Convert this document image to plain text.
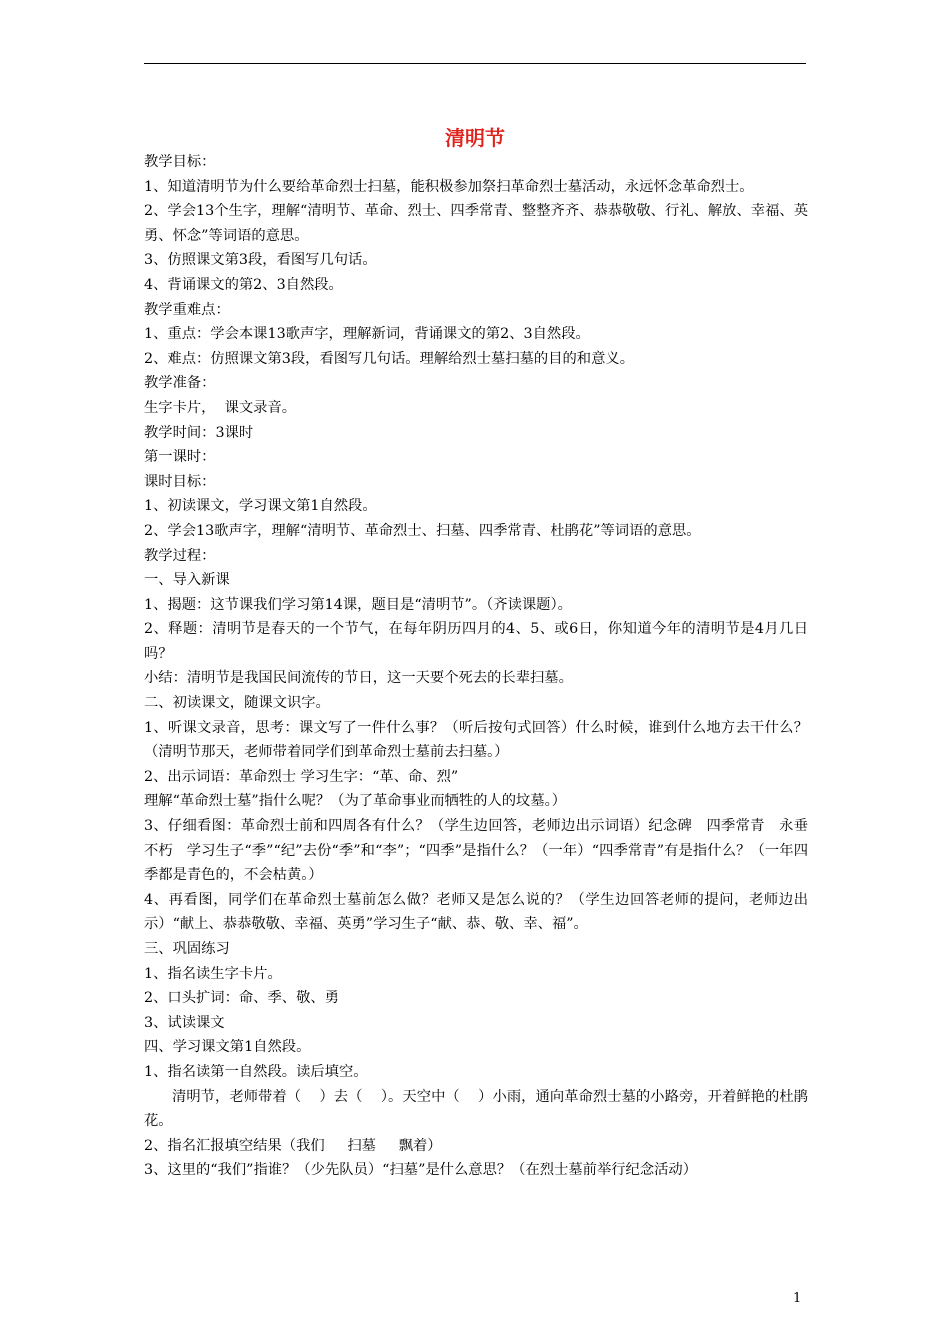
清明节

教学目标：

1、知道清明节为什么要给革命烈士扫墓，能积极参加祭扫革命烈士墓活动，永远怀念革命烈士。

2、学会13个生字，理解“清明节、革命、烈士、四季常青、整整齐齐、恭恭敬敬、行礼、解放、幸福、英勇、怀念”等词语的意思。

3、仿照课文第3段，看图写几句话。

4、背诵课文的第2、3自然段。

教学重难点：

1、重点：学会本课13歌声字，理解新词，背诵课文的第2、3自然段。

2、难点：仿照课文第3段，看图写几句话。理解给烈士墓扫墓的目的和意义。

教学准备：

生字卡片，  课文录音。

教学时间：3课时

第一课时：

课时目标：

1、初读课文，学习课文第1自然段。

2、学会13歌声字，理解“清明节、革命烈士、扫墓、四季常青、杜鹃花”等词语的意思。

教学过程：

一、导入新课

1、揭题：这节课我们学习第14课，题目是“清明节”。（齐读课题）。

2、释题：清明节是春天的一个节气，在每年阴历四月的4、5、或6日，你知道今年的清明节是4月几日吗？

小结：清明节是我国民间流传的节日，这一天要个死去的长辈扫墓。

二、初读课文，随课文识字。

1、听课文录音，思考：课文写了一件什么事？（听后按句式回答）什么时候，谁到什么地方去干什么？（清明节那天，老师带着同学们到革命烈士墓前去扫墓。）

2、出示词语：革命烈士 学习生字：“革、命、烈”

理解“革命烈士墓”指什么呢？（为了革命事业而牺牲的人的坟墓。）

3、仔细看图：革命烈士前和四周各有什么？（学生边回答，老师边出示词语）纪念碑   四季常青   永垂不朽   学习生子“季”“纪”去份“季”和“李”；“四季”是指什么？（一年）“四季常青”有是指什么？（一年四季都是青色的，不会枯黄。）

4、再看图，同学们在革命烈士墓前怎么做？老师又是怎么说的？（学生边回答老师的提问，老师边出示）“献上、恭恭敬敬、幸福、英勇”学习生子“献、恭、敬、幸、福”。

三、巩固练习

1、指名读生字卡片。

2、口头扩词：命、季、敬、勇

3、试读课文

四、学习课文第1自然段。

1、指名读第一自然段。读后填空。

清明节，老师带着（    ）去（    ）。天空中（    ）小雨，通向革命烈士墓的小路旁，开着鲜艳的杜鹃花。

2、指名汇报填空结果（我们     扫墓     飘着）

3、这里的“我们”指谁？（少先队员）“扫墓”是什么意思？（在烈士墓前举行纪念活动）

1
